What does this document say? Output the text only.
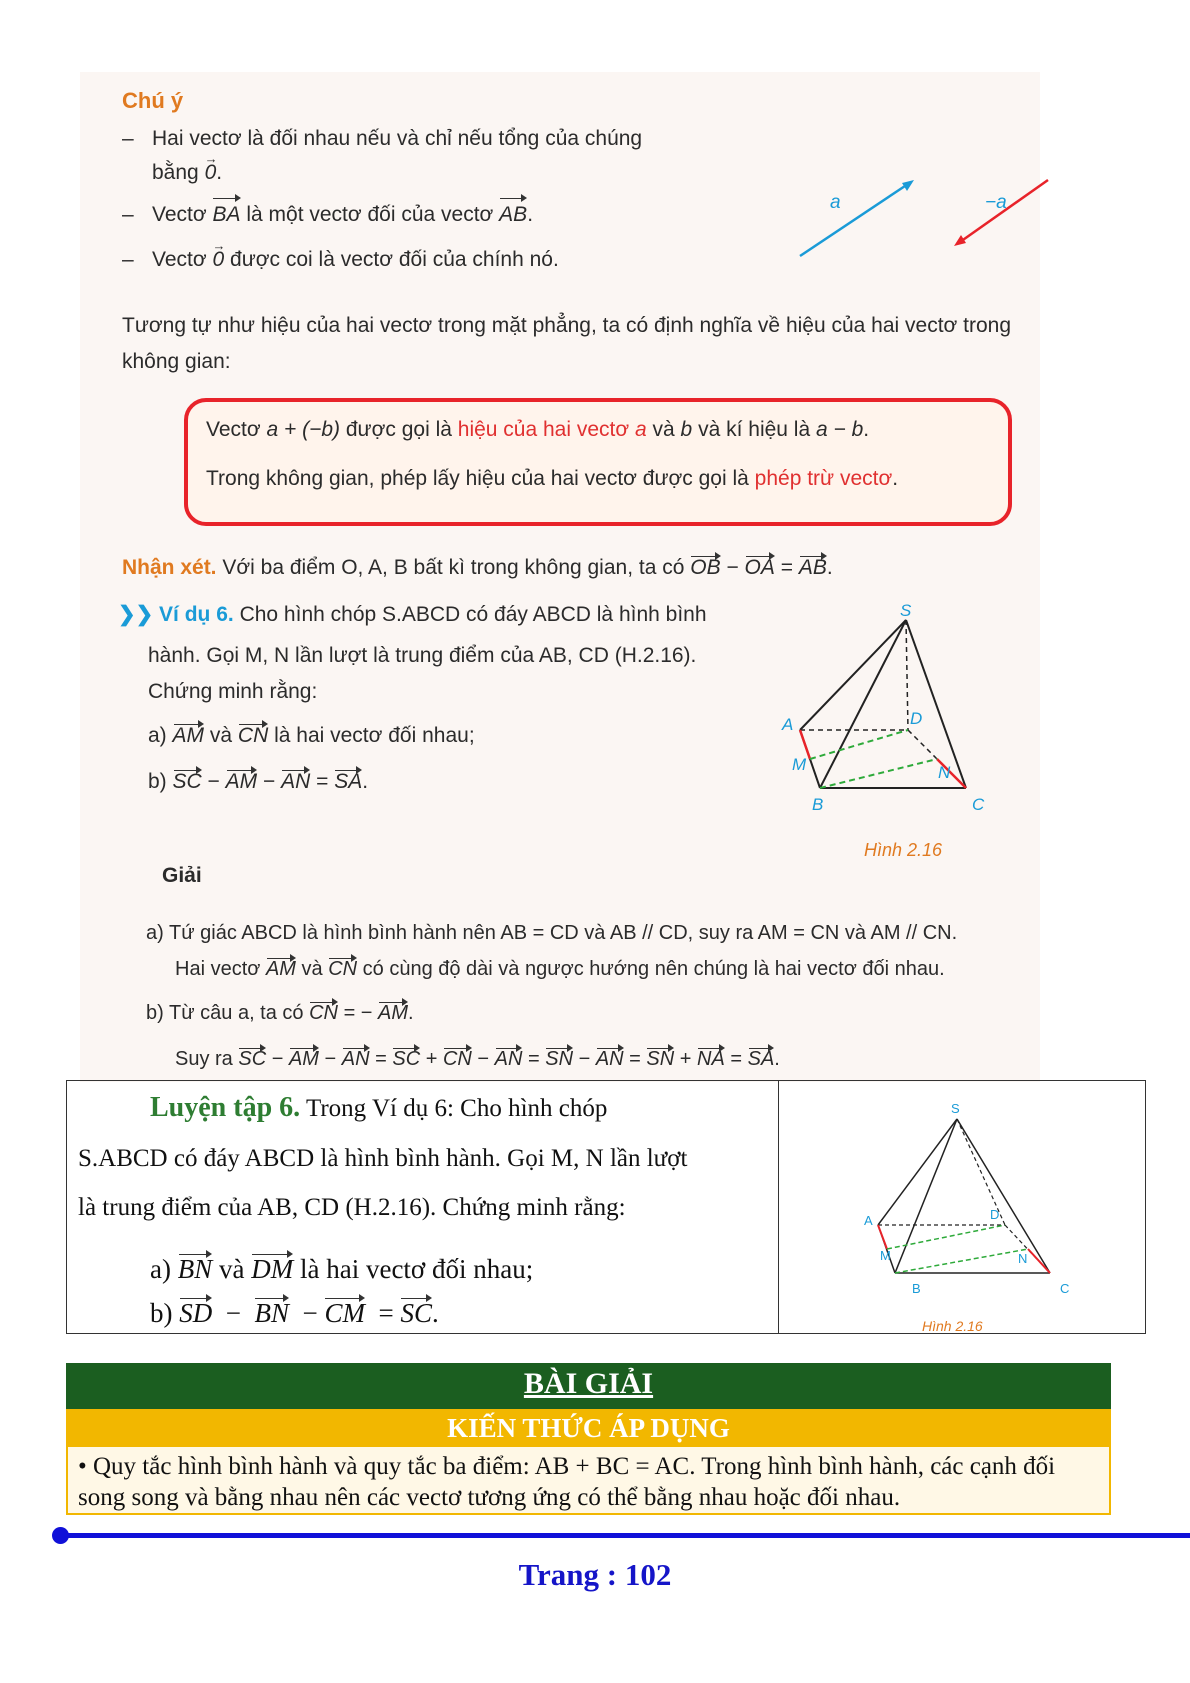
Chú ý
– Hai vectơ là đối nhau nếu và chỉ nếu tổng của chúng
bằng 0 →.
– Vectơ BA là một vectơ đối của vectơ AB.
– Vectơ 0 → được coi là vectơ đối của chính nó.
a	−a
Tương tự như hiệu của hai vectơ trong mặt phẳng, ta có định nghĩa về hiệu của hai vectơ trong không gian:
Vectơ a + (−b) được gọi là hiệu của hai vectơ a và b và kí hiệu là a − b.
Trong không gian, phép lấy hiệu của hai vectơ được gọi là phép trừ vectơ.
Nhận xét. Với ba điểm O, A, B bất kì trong không gian, ta có OB − OA = AB.
❯❯ Ví dụ 6. Cho hình chóp S.ABCD có đáy ABCD là hình bình
hành. Gọi M, N lần lượt là trung điểm của AB, CD (H.2.16).
Chứng minh rằng:
a) AM và CN là hai vectơ đối nhau;
b) SC − AM − AN = SA.
Giải
a) Tứ giác ABCD là hình bình hành nên AB = CD và AB // CD, suy ra AM = CN và AM // CN.
Hai vectơ AM và CN có cùng độ dài và ngược hướng nên chúng là hai vectơ đối nhau.
b) Từ câu a, ta có CN = − AM.
Suy ra SC − AM − AN = SC + CN − AN = SN − AN = SN + NA = SA.
S
A	D
M	N
B	C
Hình 2.16
Luyện tập 6. Trong Ví dụ 6: Cho hình chóp
S.ABCD có đáy ABCD là hình bình hành. Gọi M, N lần lượt
là trung điểm của AB, CD (H.2.16). Chứng minh rằng:
a) BN và DM là hai vectơ đối nhau;
b) SD  −  BN  − CM  = SC.
S
A	D
M	N
B	C
Hình 2.16
BÀI GIẢI
KIẾN THỨC ÁP DỤNG
• Quy tắc hình bình hành và quy tắc ba điểm: AB + BC = AC. Trong hình bình hành, các cạnh đối song song và bằng nhau nên các vectơ tương ứng có thể bằng nhau hoặc đối nhau.
Trang : 102
